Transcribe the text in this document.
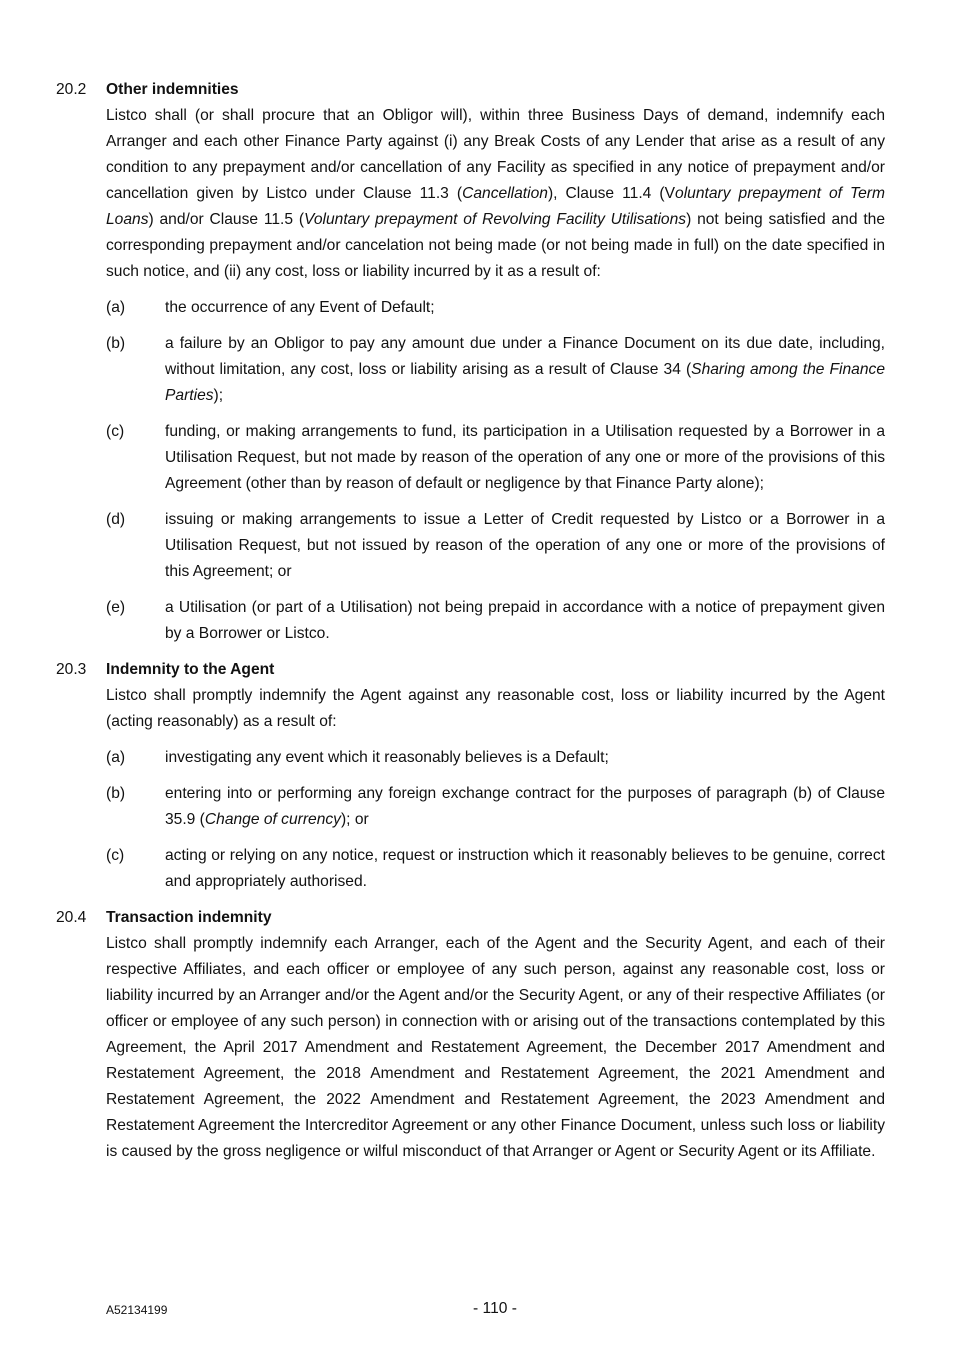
20.2	Other indemnities
Listco shall (or shall procure that an Obligor will), within three Business Days of demand, indemnify each Arranger and each other Finance Party against (i) any Break Costs of any Lender that arise as a result of any condition to any prepayment and/or cancellation of any Facility as specified in any notice of prepayment and/or cancellation given by Listco under Clause 11.3 (Cancellation), Clause 11.4 (Voluntary prepayment of Term Loans) and/or Clause 11.5 (Voluntary prepayment of Revolving Facility Utilisations) not being satisfied and the corresponding prepayment and/or cancelation not being made (or not being made in full) on the date specified in such notice, and (ii) any cost, loss or liability incurred by it as a result of:
(a)	the occurrence of any Event of Default;
(b)	a failure by an Obligor to pay any amount due under a Finance Document on its due date, including, without limitation, any cost, loss or liability arising as a result of Clause 34 (Sharing among the Finance Parties);
(c)	funding, or making arrangements to fund, its participation in a Utilisation requested by a Borrower in a Utilisation Request, but not made by reason of the operation of any one or more of the provisions of this Agreement (other than by reason of default or negligence by that Finance Party alone);
(d)	issuing or making arrangements to issue a Letter of Credit requested by Listco or a Borrower in a Utilisation Request, but not issued by reason of the operation of any one or more of the provisions of this Agreement; or
(e)	a Utilisation (or part of a Utilisation) not being prepaid in accordance with a notice of prepayment given by a Borrower or Listco.
20.3	Indemnity to the Agent
Listco shall promptly indemnify the Agent against any reasonable cost, loss or liability incurred by the Agent (acting reasonably) as a result of:
(a)	investigating any event which it reasonably believes is a Default;
(b)	entering into or performing any foreign exchange contract for the purposes of paragraph (b) of Clause 35.9 (Change of currency); or
(c)	acting or relying on any notice, request or instruction which it reasonably believes to be genuine, correct and appropriately authorised.
20.4	Transaction indemnity
Listco shall promptly indemnify each Arranger, each of the Agent and the Security Agent, and each of their respective Affiliates, and each officer or employee of any such person, against any reasonable cost, loss or liability incurred by an Arranger and/or the Agent and/or the Security Agent, or any of their respective Affiliates (or officer or employee of any such person) in connection with or arising out of the transactions contemplated by this Agreement, the April 2017 Amendment and Restatement Agreement, the December 2017 Amendment and Restatement Agreement, the 2018 Amendment and Restatement Agreement, the 2021 Amendment and Restatement Agreement, the 2022 Amendment and Restatement Agreement, the 2023 Amendment and Restatement Agreement the Intercreditor Agreement or any other Finance Document, unless such loss or liability is caused by the gross negligence or wilful misconduct of that Arranger or Agent or Security Agent or its Affiliate.
A52134199	- 110 -
